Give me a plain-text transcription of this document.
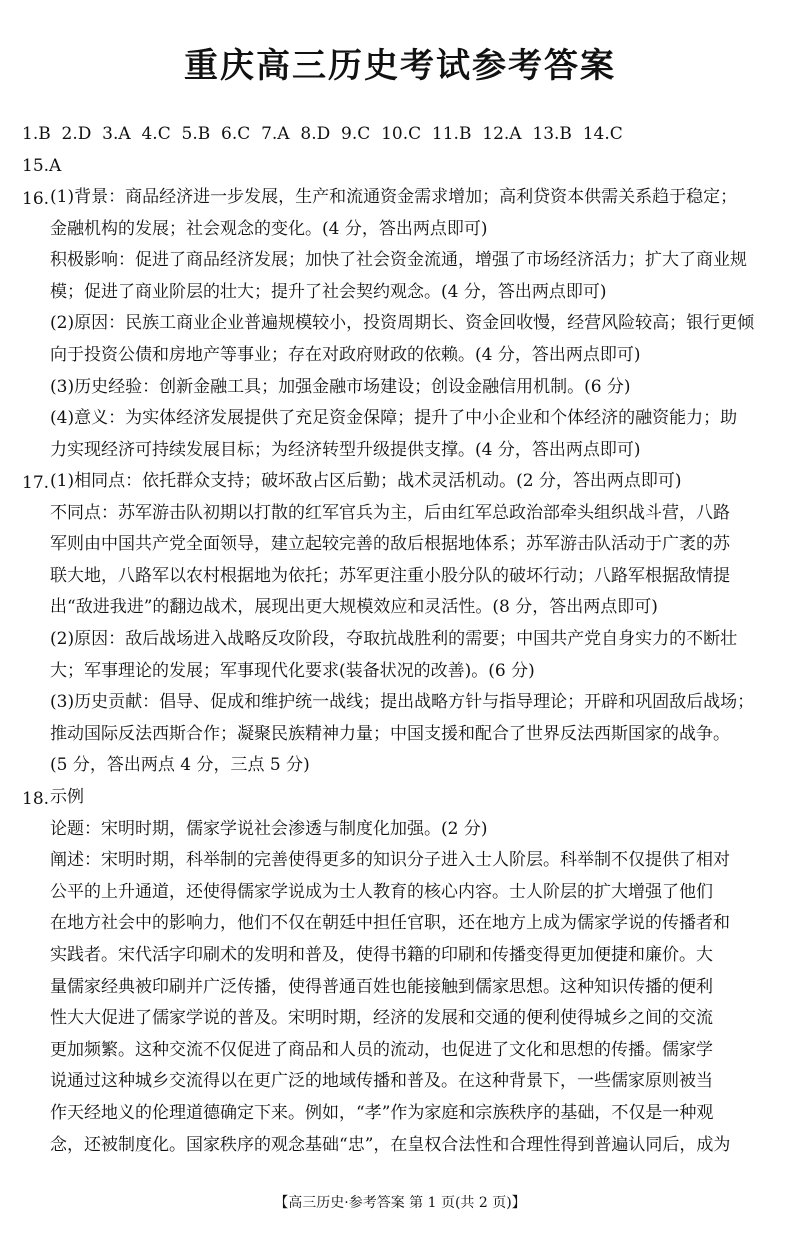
重庆高三历史考试参考答案
1.B  2.D  3.A  4.C  5.B  6.C  7.A  8.D  9.C  10.C  11.B  12.A  13.B  14.C
15.A
16. (1)背景：商品经济进一步发展，生产和流通资金需求增加；高利贷资本供需关系趋于稳定；
金融机构的发展；社会观念的变化。(4 分，答出两点即可)
积极影响：促进了商品经济发展；加快了社会资金流通，增强了市场经济活力；扩大了商业规
模；促进了商业阶层的壮大；提升了社会契约观念。(4 分，答出两点即可)
(2)原因：民族工商业企业普遍规模较小，投资周期长、资金回收慢，经营风险较高；银行更倾
向于投资公债和房地产等事业；存在对政府财政的依赖。(4 分，答出两点即可)
(3)历史经验：创新金融工具；加强金融市场建设；创设金融信用机制。(6 分)
(4)意义：为实体经济发展提供了充足资金保障；提升了中小企业和个体经济的融资能力；助
力实现经济可持续发展目标；为经济转型升级提供支撑。(4 分，答出两点即可)
17. (1)相同点：依托群众支持；破坏敌占区后勤；战术灵活机动。(2 分，答出两点即可)
不同点：苏军游击队初期以打散的红军官兵为主，后由红军总政治部牵头组织战斗营，八路
军则由中国共产党全面领导，建立起较完善的敌后根据地体系；苏军游击队活动于广袤的苏
联大地，八路军以农村根据地为依托；苏军更注重小股分队的破坏行动；八路军根据敌情提
出“敌进我进”的翻边战术，展现出更大规模效应和灵活性。(8 分，答出两点即可)
(2)原因：敌后战场进入战略反攻阶段，夺取抗战胜利的需要；中国共产党自身实力的不断壮
大；军事理论的发展；军事现代化要求(装备状况的改善)。(6 分)
(3)历史贡献：倡导、促成和维护统一战线；提出战略方针与指导理论；开辟和巩固敌后战场；
推动国际反法西斯合作；凝聚民族精神力量；中国支援和配合了世界反法西斯国家的战争。
(5 分，答出两点 4 分，三点 5 分)
18. 示例
论题：宋明时期，儒家学说社会渗透与制度化加强。(2 分)
阐述：宋明时期，科举制的完善使得更多的知识分子进入士人阶层。科举制不仅提供了相对
公平的上升通道，还使得儒家学说成为士人教育的核心内容。士人阶层的扩大增强了他们
在地方社会中的影响力，他们不仅在朝廷中担任官职，还在地方上成为儒家学说的传播者和
实践者。宋代活字印刷术的发明和普及，使得书籍的印刷和传播变得更加便捷和廉价。大
量儒家经典被印刷并广泛传播，使得普通百姓也能接触到儒家思想。这种知识传播的便利
性大大促进了儒家学说的普及。宋明时期，经济的发展和交通的便利使得城乡之间的交流
更加频繁。这种交流不仅促进了商品和人员的流动，也促进了文化和思想的传播。儒家学
说通过这种城乡交流得以在更广泛的地域传播和普及。在这种背景下，一些儒家原则被当
作天经地义的伦理道德确定下来。例如，“孝”作为家庭和宗族秩序的基础，不仅是一种观
念，还被制度化。国家秩序的观念基础“忠”，在皇权合法性和合理性得到普遍认同后，成为
【高三历史·参考答案 第 1 页(共 2 页)】
